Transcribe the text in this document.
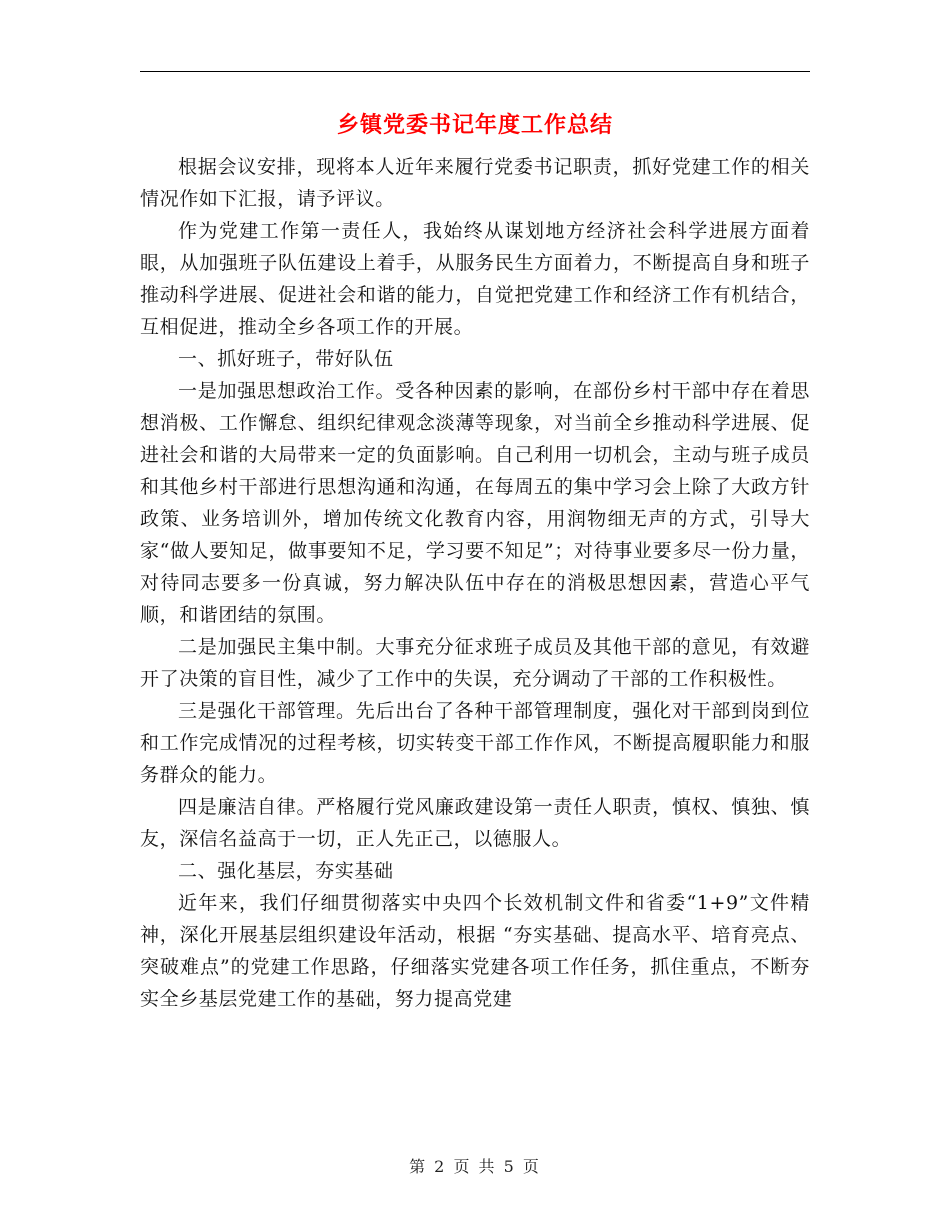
乡镇党委书记年度工作总结

根据会议安排，现将本人近年来履行党委书记职责，抓好党建工作的相关情况作如下汇报，请予评议。

作为党建工作第一责任人，我始终从谋划地方经济社会科学进展方面着眼，从加强班子队伍建设上着手，从服务民生方面着力，不断提高自身和班子推动科学进展、促进社会和谐的能力，自觉把党建工作和经济工作有机结合，互相促进，推动全乡各项工作的开展。

一、抓好班子，带好队伍

一是加强思想政治工作。受各种因素的影响，在部份乡村干部中存在着思想消极、工作懈怠、组织纪律观念淡薄等现象，对当前全乡推动科学进展、促进社会和谐的大局带来一定的负面影响。自己利用一切机会，主动与班子成员和其他乡村干部进行思想沟通和沟通，在每周五的集中学习会上除了大政方针政策、业务培训外，增加传统文化教育内容，用润物细无声的方式，引导大家“做人要知足，做事要知不足，学习要不知足”；对待事业要多尽一份力量，对待同志要多一份真诚，努力解决队伍中存在的消极思想因素，营造心平气顺，和谐团结的氛围。

二是加强民主集中制。大事充分征求班子成员及其他干部的意见，有效避开了决策的盲目性，减少了工作中的失误，充分调动了干部的工作积极性。

三是强化干部管理。先后出台了各种干部管理制度，强化对干部到岗到位和工作完成情况的过程考核，切实转变干部工作作风，不断提高履职能力和服务群众的能力。

四是廉洁自律。严格履行党风廉政建设第一责任人职责，慎权、慎独、慎友，深信名益高于一切，正人先正己，以德服人。

二、强化基层，夯实基础

近年来，我们仔细贯彻落实中央四个长效机制文件和省委“1+9”文件精神，深化开展基层组织建设年活动，根据 “夯实基础、提高水平、培育亮点、突破难点”的党建工作思路，仔细落实党建各项工作任务，抓住重点，不断夯实全乡基层党建工作的基础，努力提高党建

第 2 页 共 5 页
